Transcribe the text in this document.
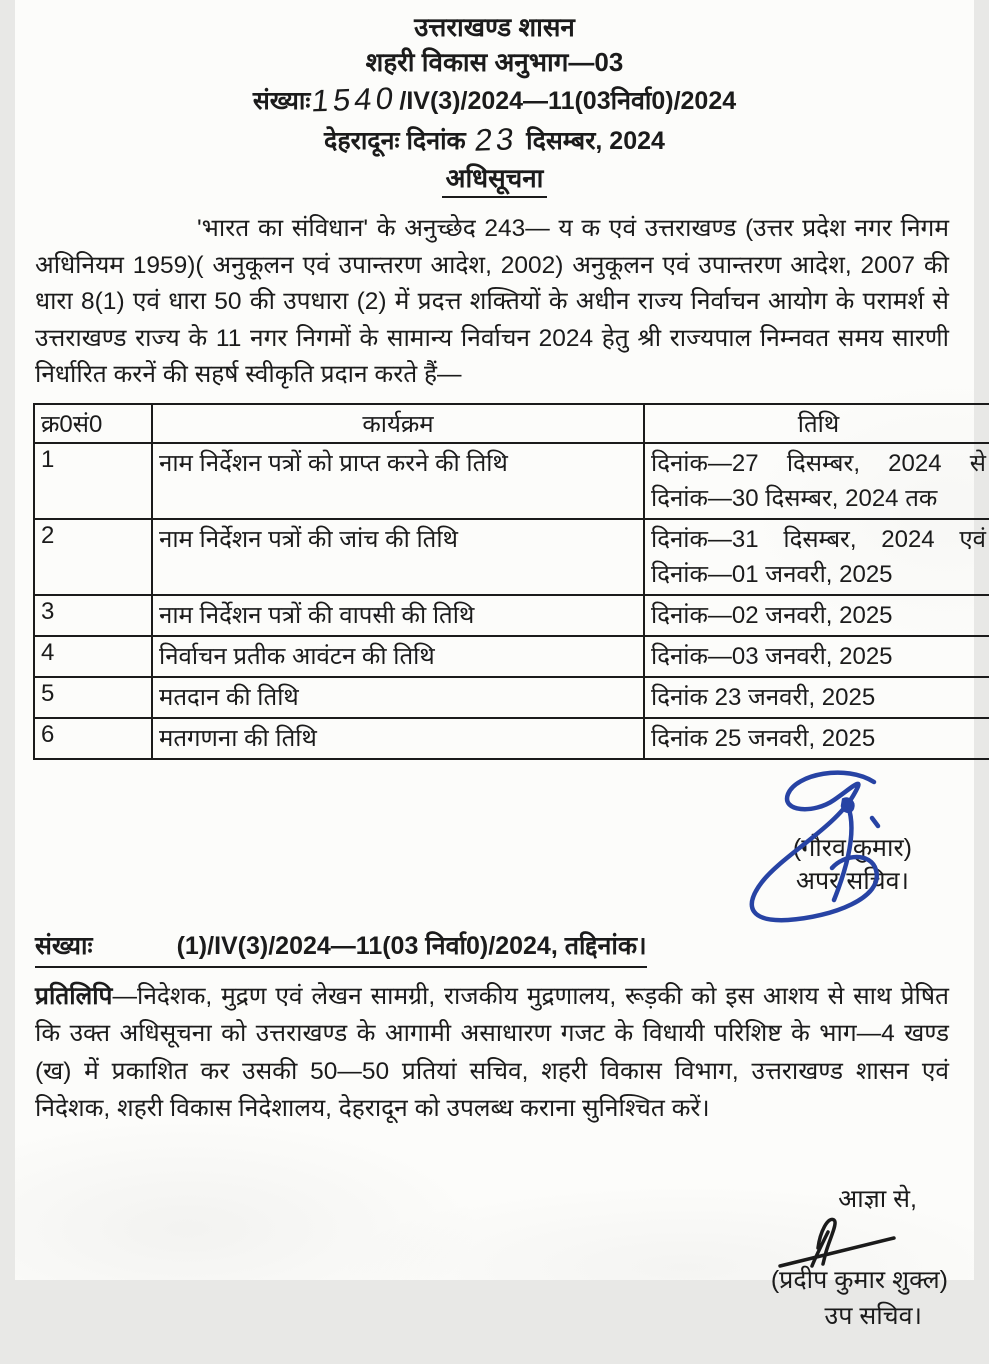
उत्तराखण्ड शासन
शहरी विकास अनुभाग—03
संख्याः1540/IV(3)/2024—11(03निर्वा0)/2024
देहरादूनः दिनांक 23 दिसम्बर, 2024
अधिसूचना

'भारत का संविधान' के अनुच्छेद 243— य क एवं उत्तराखण्ड (उत्तर प्रदेश नगर निगम अधिनियम 1959)( अनुकूलन एवं उपान्तरण आदेश, 2002) अनुकूलन एवं उपान्तरण आदेश, 2007 की धारा 8(1) एवं धारा 50 की उपधारा (2) में प्रदत्त शक्तियों के अधीन राज्य निर्वाचन आयोग के परामर्श से उत्तराखण्ड राज्य के 11 नगर निगमों के सामान्य निर्वाचन 2024 हेतु श्री राज्यपाल निम्नवत समय सारणी निर्धारित करनें की सहर्ष स्वीकृति प्रदान करते हैं—

क्र0सं0	कार्यक्रम	तिथि
1	नाम निर्देशन पत्रों को प्राप्त करने की तिथि	दिनांक—27 दिसम्बर, 2024 से
दिनांक—30 दिसम्बर, 2024 तक

2	नाम निर्देशन पत्रों की जांच की तिथि	दिनांक—31 दिसम्बर, 2024 एवं
दिनांक—01 जनवरी, 2025

3	नाम निर्देशन पत्रों की वापसी की तिथि	दिनांक—02 जनवरी, 2025

4	निर्वाचन प्रतीक आवंटन की तिथि	दिनांक—03 जनवरी, 2025

5	मतदान की तिथि	दिनांक 23 जनवरी, 2025

6	मतगणना की तिथि	दिनांक 25 जनवरी, 2025
(गौरव कुमार)
अपर सचिव।
संख्याः	(1)/IV(3)/2024—11(03 निर्वा0)/2024, तद्दिनांक।

प्रतिलिपि—निदेशक, मुद्रण एवं लेखन सामग्री, राजकीय मुद्रणालय, रूड़की को इस आशय से साथ प्रेषित कि उक्त अधिसूचना को उत्तराखण्ड के आगामी असाधारण गजट के विधायी परिशिष्ट के भाग—4 खण्ड (ख) में प्रकाशित कर उसकी 50—50 प्रतियां सचिव, शहरी विकास विभाग, उत्तराखण्ड शासन एवं निदेशक, शहरी विकास निदेशालय, देहरादून को उपलब्ध कराना सुनिश्चित करें।

आज्ञा से,
(प्रदीप कुमार शुक्ल)
उप सचिव।
